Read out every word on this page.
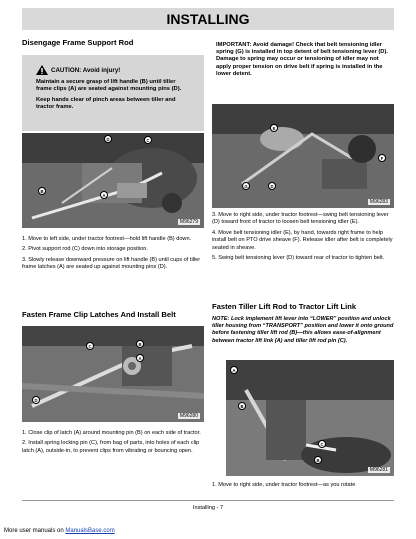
INSTALLING
Disengage Frame Support Rod
CAUTION: Avoid injury!
Maintain a secure grasp of lift handle (B) until tiller frame clips (A) are seated against mounting pins (D).
Keep hands clear of pinch areas between tiller and tractor frame.
D	C
B
A
M96279
1. Move to left side, under tractor footrest—hold lift handle (B) down.
2. Pivot support rod (C) down into storage position.
3. Slowly release downward pressure on lift handle (B) until cups of tiller frame latches (A) are seated up against mounting pins (D).
Fasten Frame Clip Latches And Install Belt
C	B
A
D
M96280
1. Close clip of latch (A) around mounting pin (B) on each side of tractor.
2. Install spring locking pin (C), from bag of parts, into holes of each clip latch (A), outside-in, to prevent clips from vibrating or bouncing open.
IMPORTANT: Avoid damage! Check that belt tensioning idler spring (G) is installed in top detent of belt tensioning lever (D). Damage to spring may occur or tensioning of idler may not apply proper tension on drive belt if spring is installed in the lower detent.
E
F
G	D
M96283
3. Move to right side, under tractor footrest—swing belt tensioning lever (D) toward front of tractor to loosen belt tensioning idler (E).
4. Move belt tensioning idler (E), by hand, towards right frame to help install belt on PTO drive sheave (F). Release idler after belt is completely seated in sheave.
5. Swing belt tensioning lever (D) toward rear of tractor to tighten belt.
Fasten Tiller Lift Rod to Tractor Lift Link
NOTE: Lock implement lift lever into “LOWER” position and unlock tiller housing from “TRANSPORT” position and lower it onto ground before fastening tiller lift rod (B)—this allows ease-of-alignment between tractor lift link (A) and tiller lift rod pin (C).
A
B
C
B
M96281
1. Move to right side, under tractor footrest—as you rotate
Installing - 7
More user manuals on ManualsBase.com
